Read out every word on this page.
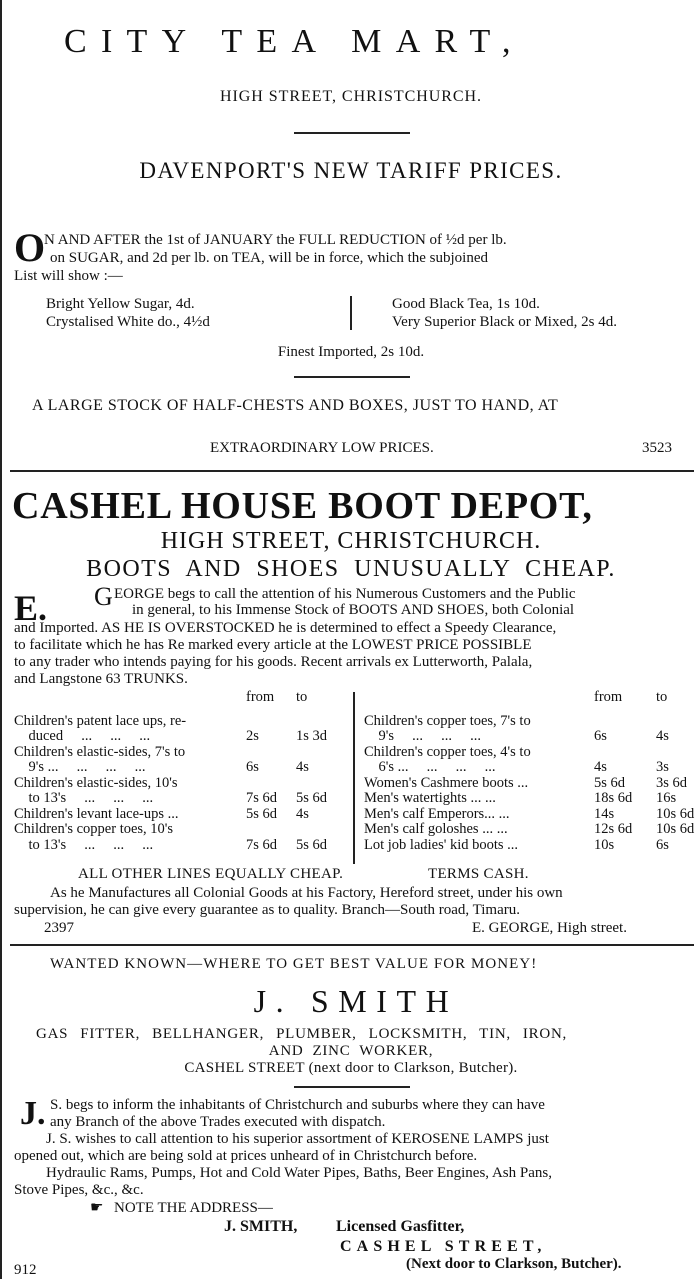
CITY TEA MART,
HIGH STREET, CHRISTCHURCH.
DAVENPORT'S NEW TARIFF PRICES.
O
N AND AFTER the 1st of JANUARY the FULL REDUCTION of ½d per lb.
on SUGAR, and 2d per lb. on TEA, will be in force, which the subjoined
List will show :—
Bright Yellow Sugar, 4d.
Crystalised White do., 4½d
Good Black Tea, 1s 10d.
Very Superior Black or Mixed, 2s 4d.
Finest Imported, 2s 10d.
A LARGE STOCK OF HALF-CHESTS AND BOXES, JUST TO HAND, AT
EXTRAORDINARY LOW PRICES.	3523
CASHEL HOUSE BOOT DEPOT,
HIGH STREET, CHRISTCHURCH.
BOOTS AND SHOES UNUSUALLY CHEAP.
E. G EORGE begs to call the attention of his Numerous Customers and the Public
in general, to his Immense Stock of BOOTS AND SHOES, both Colonial
and Imported. AS HE IS OVERSTOCKED he is determined to effect a Speedy Clearance,
to facilitate which he has Re marked every article at the LOWEST PRICE POSSIBLE
to any trader who intends paying for his goods. Recent arrivals ex Lutterworth, Palala,
and Langstone 63 TRUNKS.
	from	to

Children's patent lace ups, re-		
duced     ...     ...     ...	2s	1s 3d
Children's elastic-sides, 7's to		
9's ...     ...     ...     ...	6s	4s
Children's elastic-sides, 10's		
to 13's     ...     ...     ...	7s 6d	5s 6d
Children's levant lace-ups ...	5s 6d	4s
Children's copper toes, 10's		
to 13's     ...     ...     ...	7s 6d	5s 6d
	from	to

Children's copper toes, 7's to		
9's     ...     ...     ...	6s	4s
Children's copper toes, 4's to		
6's ...     ...     ...     ...	4s	3s
Women's Cashmere boots ...	5s 6d	3s 6d
Men's watertights ... ...	18s 6d	16s
Men's calf Emperors... ...	14s	10s 6d
Men's calf goloshes ... ...	12s 6d	10s 6d
Lot job ladies' kid boots ...	10s	6s
ALL OTHER LINES EQUALLY CHEAP.	TERMS CASH.
As he Manufactures all Colonial Goods at his Factory, Hereford street, under his own
supervision, he can give every guarantee as to quality. Branch—South road, Timaru.
2397	E. GEORGE, High street.
WANTED KNOWN—WHERE TO GET BEST VALUE FOR MONEY!
J. SMITH
GAS FITTER, BELLHANGER, PLUMBER, LOCKSMITH, TIN, IRON,
AND ZINC WORKER,
CASHEL STREET (next door to Clarkson, Butcher).
J. S. begs to inform the inhabitants of Christchurch and suburbs where they can have
any Branch of the above Trades executed with dispatch.
J. S. wishes to call attention to his superior assortment of KEROSENE LAMPS just
opened out, which are being sold at prices unheard of in Christchurch before.
Hydraulic Rams, Pumps, Hot and Cold Water Pipes, Baths, Beer Engines, Ash Pans,
Stove Pipes, &c., &c.
☛ NOTE THE ADDRESS—
J. SMITH, Licensed Gasfitter,
CASHEL STREET,
(Next door to Clarkson, Butcher).
912
